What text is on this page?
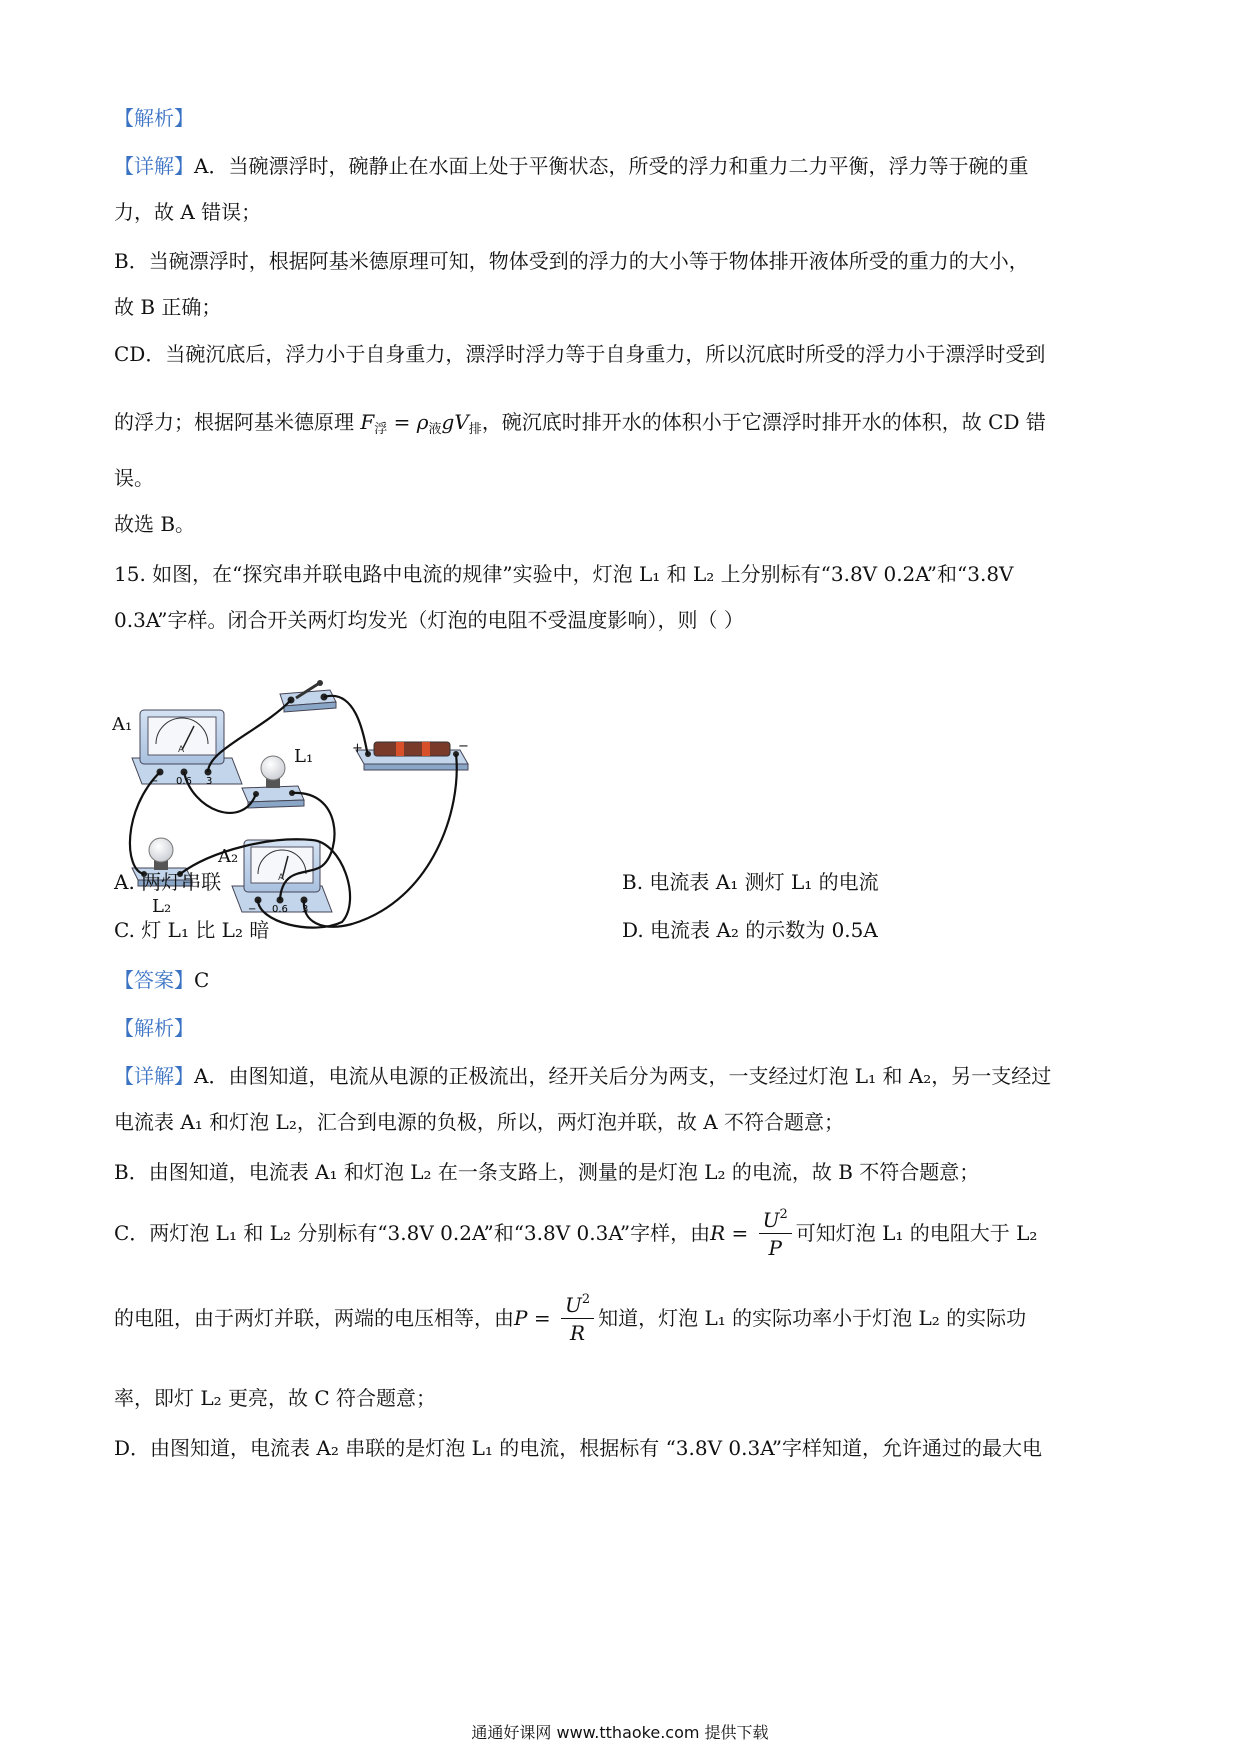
【解析】
【详解】A．当碗漂浮时，碗静止在水面上处于平衡状态，所受的浮力和重力二力平衡，浮力等于碗的重
力，故 A 错误；
B．当碗漂浮时，根据阿基米德原理可知，物体受到的浮力的大小等于物体排开液体所受的重力的大小，
故 B 正确；
CD．当碗沉底后，浮力小于自身重力，漂浮时浮力等于自身重力，所以沉底时所受的浮力小于漂浮时受到
的浮力；根据阿基米德原理 $F_浮 = \rho_液gV_排$，碗沉底时排开水的体积小于它漂浮时排开水的体积，故 CD 错
误。
故选 B。
15. 如图，在“探究串并联电路中电流的规律”实验中，灯泡 L₁ 和 L₂ 上分别标有“3.8V 0.2A”和“3.8V
0.3A”字样。闭合开关两灯均发光（灯泡的电阻不受温度影响），则（ ）
+	−
A
− 0.6 3
A₁
L₁
L₂
A
− 0.6 3
A₂
A. 两灯串联	B. 电流表 A₁ 测灯 L₁ 的电流
C. 灯 L₁ 比 L₂ 暗	D. 电流表 A₂ 的示数为 0.5A
【答案】C
【解析】
【详解】A．由图知道，电流从电源的正极流出，经开关后分为两支，一支经过灯泡 L₁ 和 A₂，另一支经过
电流表 A₁ 和灯泡 L₂，汇合到电源的负极，所以，两灯泡并联，故 A 不符合题意；
B．由图知道，电流表 A₁ 和灯泡 L₂ 在一条支路上，测量的是灯泡 L₂ 的电流，故 B 不符合题意；
C．两灯泡 L₁ 和 L₂ 分别标有“3.8V 0.2A”和“3.8V 0.3A”字样，由$R = \frac{U^2}{P}$ 可知灯泡 L₁ 的电阻大于 L₂
的电阻，由于两灯并联，两端的电压相等，由$P = \frac{U^2}{R}$ 知道，灯泡 L₁ 的实际功率小于灯泡 L₂ 的实际功
率，即灯 L₂ 更亮，故 C 符合题意；
D．由图知道，电流表 A₂ 串联的是灯泡 L₁ 的电流，根据标有 “3.8V 0.3A”字样知道，允许通过的最大电
通通好课网 www.tthaoke.com 提供下载
